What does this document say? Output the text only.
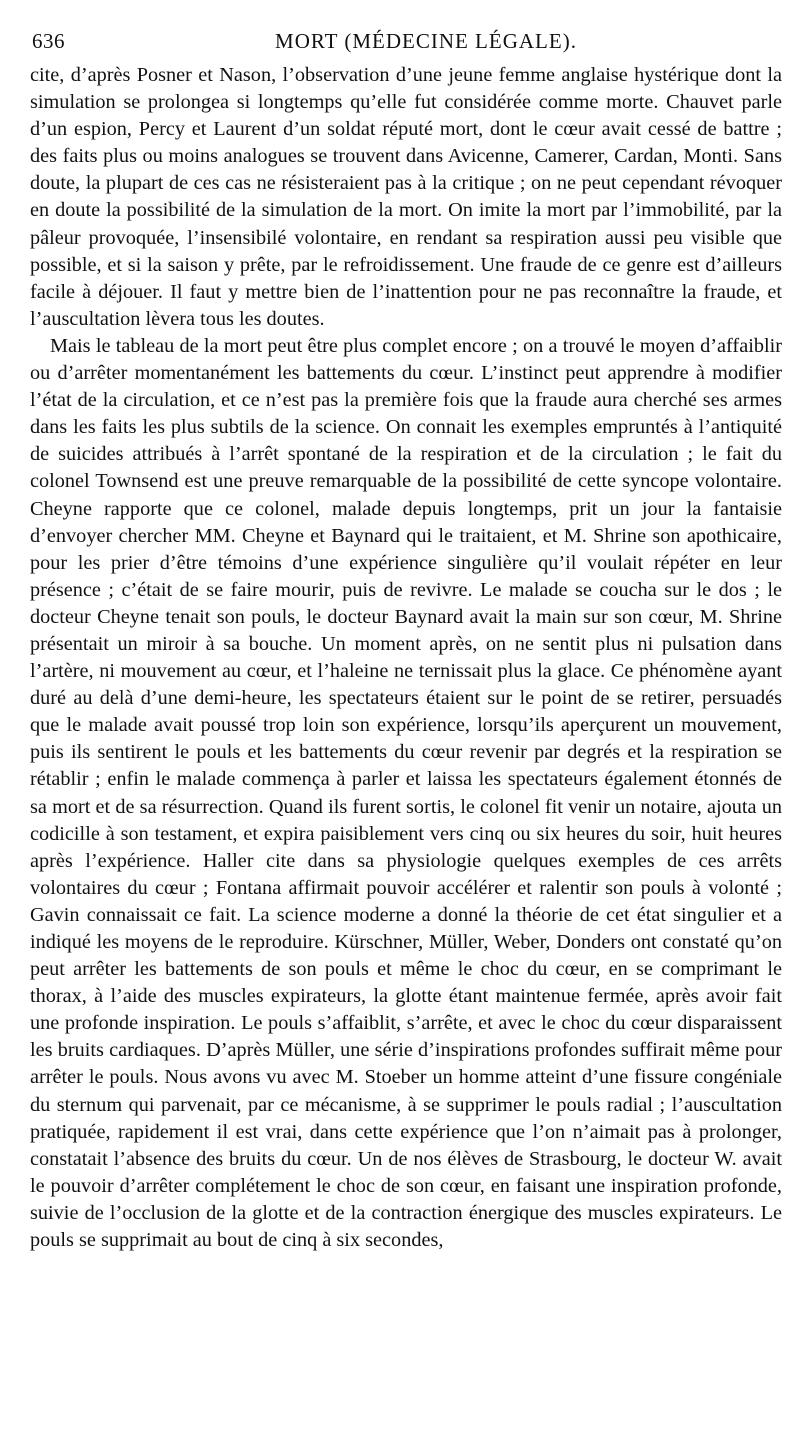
636	MORT (MÉDECINE LÉGALE).

cite, d’après Posner et Nason, l’observation d’une jeune femme anglaise hystérique dont la simulation se prolongea si longtemps qu’elle fut considérée comme morte. Chauvet parle d’un espion, Percy et Laurent d’un soldat réputé mort, dont le cœur avait cessé de battre ; des faits plus ou moins analogues se trouvent dans Avicenne, Camerer, Cardan, Monti. Sans doute, la plupart de ces cas ne résisteraient pas à la critique ; on ne peut cependant révoquer en doute la possibilité de la simulation de la mort. On imite la mort par l’immobilité, par la pâleur provoquée, l’insensibilé volontaire, en rendant sa respiration aussi peu visible que possible, et si la saison y prête, par le refroidissement. Une fraude de ce genre est d’ailleurs facile à déjouer. Il faut y mettre bien de l’inattention pour ne pas reconnaître la fraude, et l’auscultation lèvera tous les doutes.

Mais le tableau de la mort peut être plus complet encore ; on a trouvé le moyen d’affaiblir ou d’arrêter momentanément les battements du cœur. L’instinct peut apprendre à modifier l’état de la circulation, et ce n’est pas la première fois que la fraude aura cherché ses armes dans les faits les plus subtils de la science. On connait les exemples empruntés à l’antiquité de suicides attribués à l’arrêt spontané de la respiration et de la circulation ; le fait du colonel Townsend est une preuve remarquable de la possibilité de cette syncope volontaire. Cheyne rapporte que ce colonel, malade depuis longtemps, prit un jour la fantaisie d’envoyer chercher MM. Cheyne et Baynard qui le traitaient, et M. Shrine son apothicaire, pour les prier d’être témoins d’une expérience singulière qu’il voulait répéter en leur présence ; c’était de se faire mourir, puis de revivre. Le malade se coucha sur le dos ; le docteur Cheyne tenait son pouls, le docteur Baynard avait la main sur son cœur, M. Shrine présentait un miroir à sa bouche. Un moment après, on ne sentit plus ni pulsation dans l’artère, ni mouvement au cœur, et l’haleine ne ternissait plus la glace. Ce phénomène ayant duré au delà d’une demi-heure, les spectateurs étaient sur le point de se retirer, persuadés que le malade avait poussé trop loin son expérience, lorsqu’ils aperçurent un mouvement, puis ils sentirent le pouls et les battements du cœur revenir par degrés et la respiration se rétablir ; enfin le malade commença à parler et laissa les spectateurs également étonnés de sa mort et de sa résurrection. Quand ils furent sortis, le colonel fit venir un notaire, ajouta un codicille à son testament, et expira paisiblement vers cinq ou six heures du soir, huit heures après l’expérience. Haller cite dans sa physiologie quelques exemples de ces arrêts volontaires du cœur ; Fontana affirmait pouvoir accélérer et ralentir son pouls à volonté ; Gavin connaissait ce fait. La science moderne a donné la théorie de cet état singulier et a indiqué les moyens de le reproduire. Kürschner, Müller, Weber, Donders ont constaté qu’on peut arrêter les battements de son pouls et même le choc du cœur, en se comprimant le thorax, à l’aide des muscles expirateurs, la glotte étant maintenue fermée, après avoir fait une profonde inspiration. Le pouls s’affaiblit, s’arrête, et avec le choc du cœur disparaissent les bruits cardiaques. D’après Müller, une série d’inspirations profondes suffirait même pour arrêter le pouls. Nous avons vu avec M. Stoeber un homme atteint d’une fissure congéniale du sternum qui parvenait, par ce mécanisme, à se supprimer le pouls radial ; l’auscultation pratiquée, rapidement il est vrai, dans cette expérience que l’on n’aimait pas à prolonger, constatait l’absence des bruits du cœur. Un de nos élèves de Strasbourg, le docteur W. avait le pouvoir d’arrêter complétement le choc de son cœur, en faisant une inspiration profonde, suivie de l’occlusion de la glotte et de la contraction énergique des muscles expirateurs. Le pouls se supprimait au bout de cinq à six secondes,
